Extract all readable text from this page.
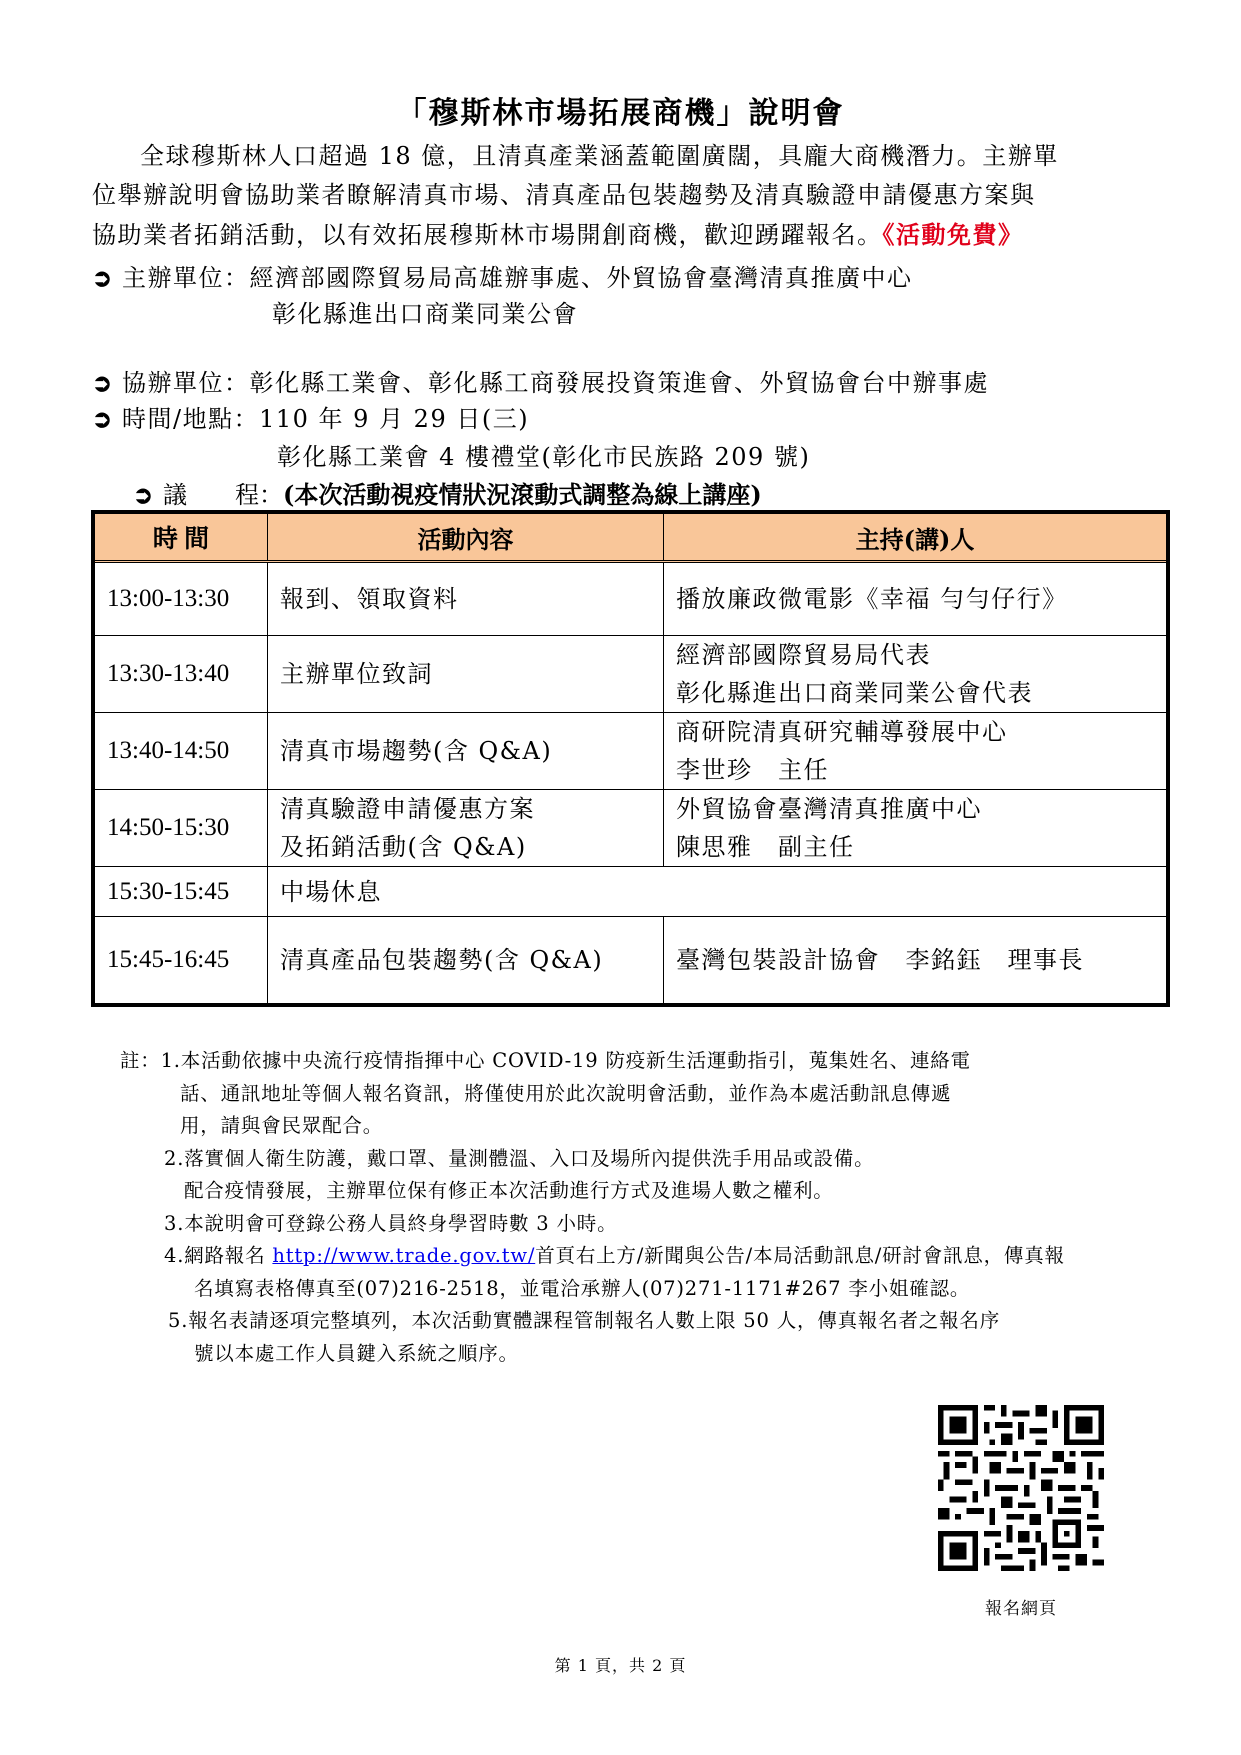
「穆斯林市場拓展商機」說明會

全球穆斯林人口超過 18 億，且清真產業涵蓋範圍廣闊，具龐大商機潛力。主辦單

位舉辦說明會協助業者瞭解清真市場、清真產品包裝趨勢及清真驗證申請優惠方案與

協助業者拓銷活動，以有效拓展穆斯林市場開創商機，歡迎踴躍報名。《活動免費》

➲ 主辦單位：經濟部國際貿易局高雄辦事處、外貿協會臺灣清真推廣中心
彰化縣進出口商業同業公會
➲ 協辦單位：彰化縣工業會、彰化縣工商發展投資策進會、外貿協會台中辦事處
➲ 時間/地點：110 年 9 月 29 日(三)
彰化縣工業會 4 樓禮堂(彰化市民族路 209 號)
➲ 議　　程：(本次活動視疫情狀況滾動式調整為線上講座)
時 間	活動內容	主持(講)人
13:00-13:30	報到、領取資料	播放廉政微電影《幸福 勻勻仔行》

13:30-13:40	主辦單位致詞	經濟部國際貿易局代表
彰化縣進出口商業同業公會代表

13:40-14:50	清真市場趨勢(含 Q&A)	商研院清真研究輔導發展中心
李世珍　主任

14:50-15:30	清真驗證申請優惠方案
及拓銷活動(含 Q&A)	外貿協會臺灣清真推廣中心
陳思雅　副主任

15:30-15:45	中場休息	

15:45-16:45	清真產品包裝趨勢(含 Q&A)	臺灣包裝設計協會　李銘鈺　理事長
註：1.本活動依據中央流行疫情指揮中心 COVID-19 防疫新生活運動指引，蒐集姓名、連絡電
話、通訊地址等個人報名資訊，將僅使用於此次說明會活動，並作為本處活動訊息傳遞
用，請與會民眾配合。
2.落實個人衛生防護，戴口罩、量測體溫、入口及場所內提供洗手用品或設備。
配合疫情發展，主辦單位保有修正本次活動進行方式及進場人數之權利。
3.本說明會可登錄公務人員終身學習時數 3 小時。
4.網路報名 http://www.trade.gov.tw/首頁右上方/新聞與公告/本局活動訊息/研討會訊息，傳真報
名填寫表格傳真至(07)216-2518，並電洽承辦人(07)271-1171#267 李小姐確認。
5.報名表請逐項完整填列，本次活動實體課程管制報名人數上限 50 人，傳真報名者之報名序
號以本處工作人員鍵入系統之順序。
報名網頁
第 1 頁，共 2 頁
